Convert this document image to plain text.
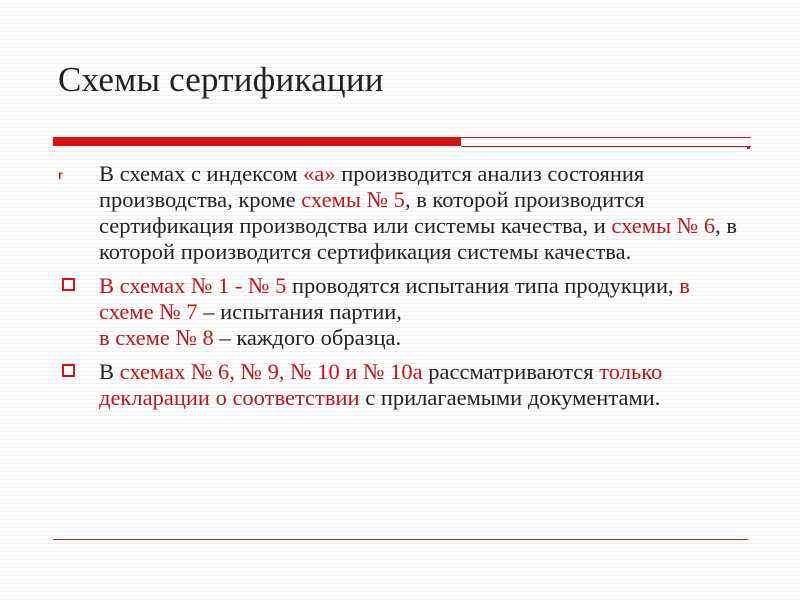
Схемы сертификации
r В схемах с индексом «а» производится анализ состояния производства, кроме схемы № 5, в которой производится сертификация производства или системы качества, и схемы № 6, в которой производится сертификация системы качества.
В схемах № 1 - № 5 проводятся испытания типа продукции, в схеме № 7 – испытания партии,
в схеме № 8 – каждого образца.
В схемах № 6, № 9, № 10 и № 10а рассматриваются только декларации о соответствии с прилагаемыми документами.
